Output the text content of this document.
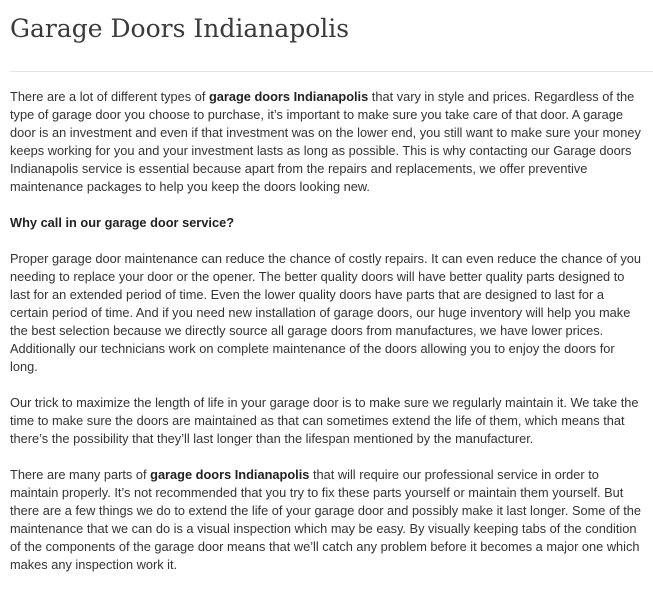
Garage Doors Indianapolis

There are a lot of different types of garage doors Indianapolis that vary in style and prices. Regardless of the type of garage door you choose to purchase, it’s important to make sure you take care of that door. A garage door is an investment and even if that investment was on the lower end, you still want to make sure your money keeps working for you and your investment lasts as long as possible. This is why contacting our Garage doors Indianapolis service is essential because apart from the repairs and replacements, we offer preventive maintenance packages to help you keep the doors looking new.

Why call in our garage door service?

Proper garage door maintenance can reduce the chance of costly repairs. It can even reduce the chance of you needing to replace your door or the opener. The better quality doors will have better quality parts designed to last for an extended period of time. Even the lower quality doors have parts that are designed to last for a certain period of time. And if you need new installation of garage doors, our huge inventory will help you make the best selection because we directly source all garage doors from manufactures, we have lower prices. Additionally our technicians work on complete maintenance of the doors allowing you to enjoy the doors for long.

Our trick to maximize the length of life in your garage door is to make sure we regularly maintain it. We take the time to make sure the doors are maintained as that can sometimes extend the life of them, which means that there’s the possibility that they’ll last longer than the lifespan mentioned by the manufacturer.

There are many parts of garage doors Indianapolis that will require our professional service in order to maintain properly. It’s not recommended that you try to fix these parts yourself or maintain them yourself. But there are a few things we do to extend the life of your garage door and possibly make it last longer. Some of the maintenance that we can do is a visual inspection which may be easy. By visually keeping tabs of the condition of the components of the garage door means that we’ll catch any problem before it becomes a major one which makes any inspection work it.
